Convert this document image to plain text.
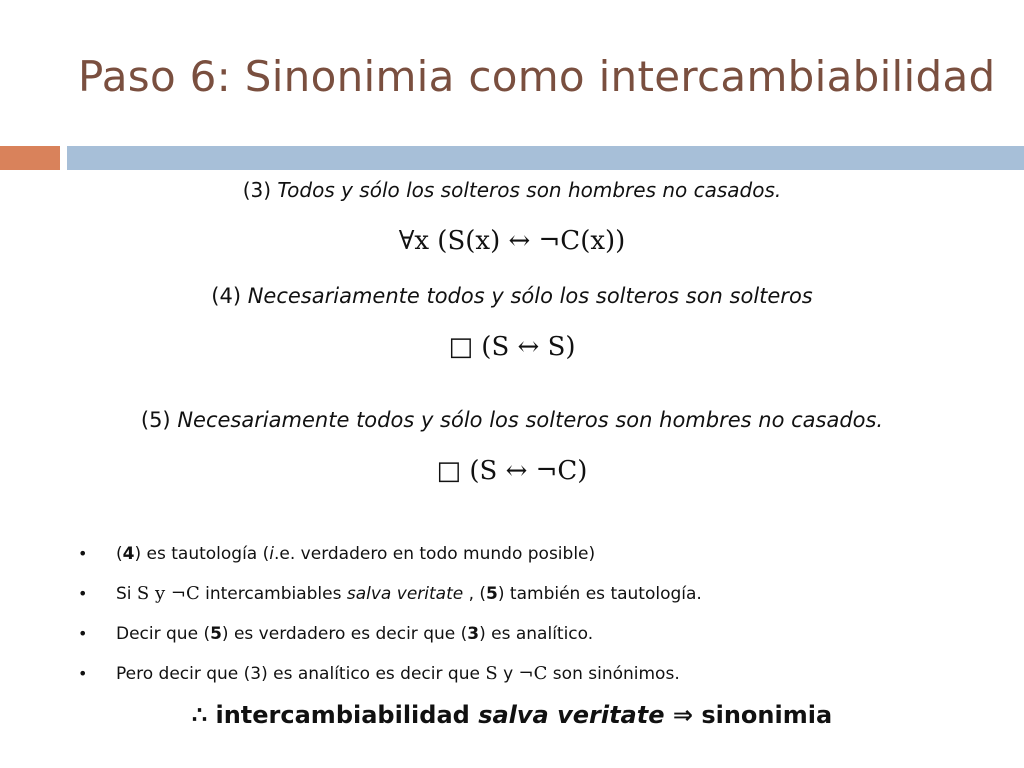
Paso 6: Sinonimia como intercambiabilidad
(3) Todos y sólo los solteros son hombres no casados.
∀x (S(x) ↔ ¬C(x))
(4) Necesariamente todos y sólo los solteros son solteros
□ (S ↔ S)
(5) Necesariamente todos y sólo los solteros son hombres no casados.
□ (S ↔ ¬C)
• (4) es tautología (i.e. verdadero en todo mundo posible)
• Si S y ¬C intercambiables salva veritate , (5) también es tautología.
• Decir que (5) es verdadero es decir que (3) es analítico.
• Pero decir que (3) es analítico es decir que S y ¬C son sinónimos.
∴ intercambiabilidad salva veritate ⇒ sinonimia
